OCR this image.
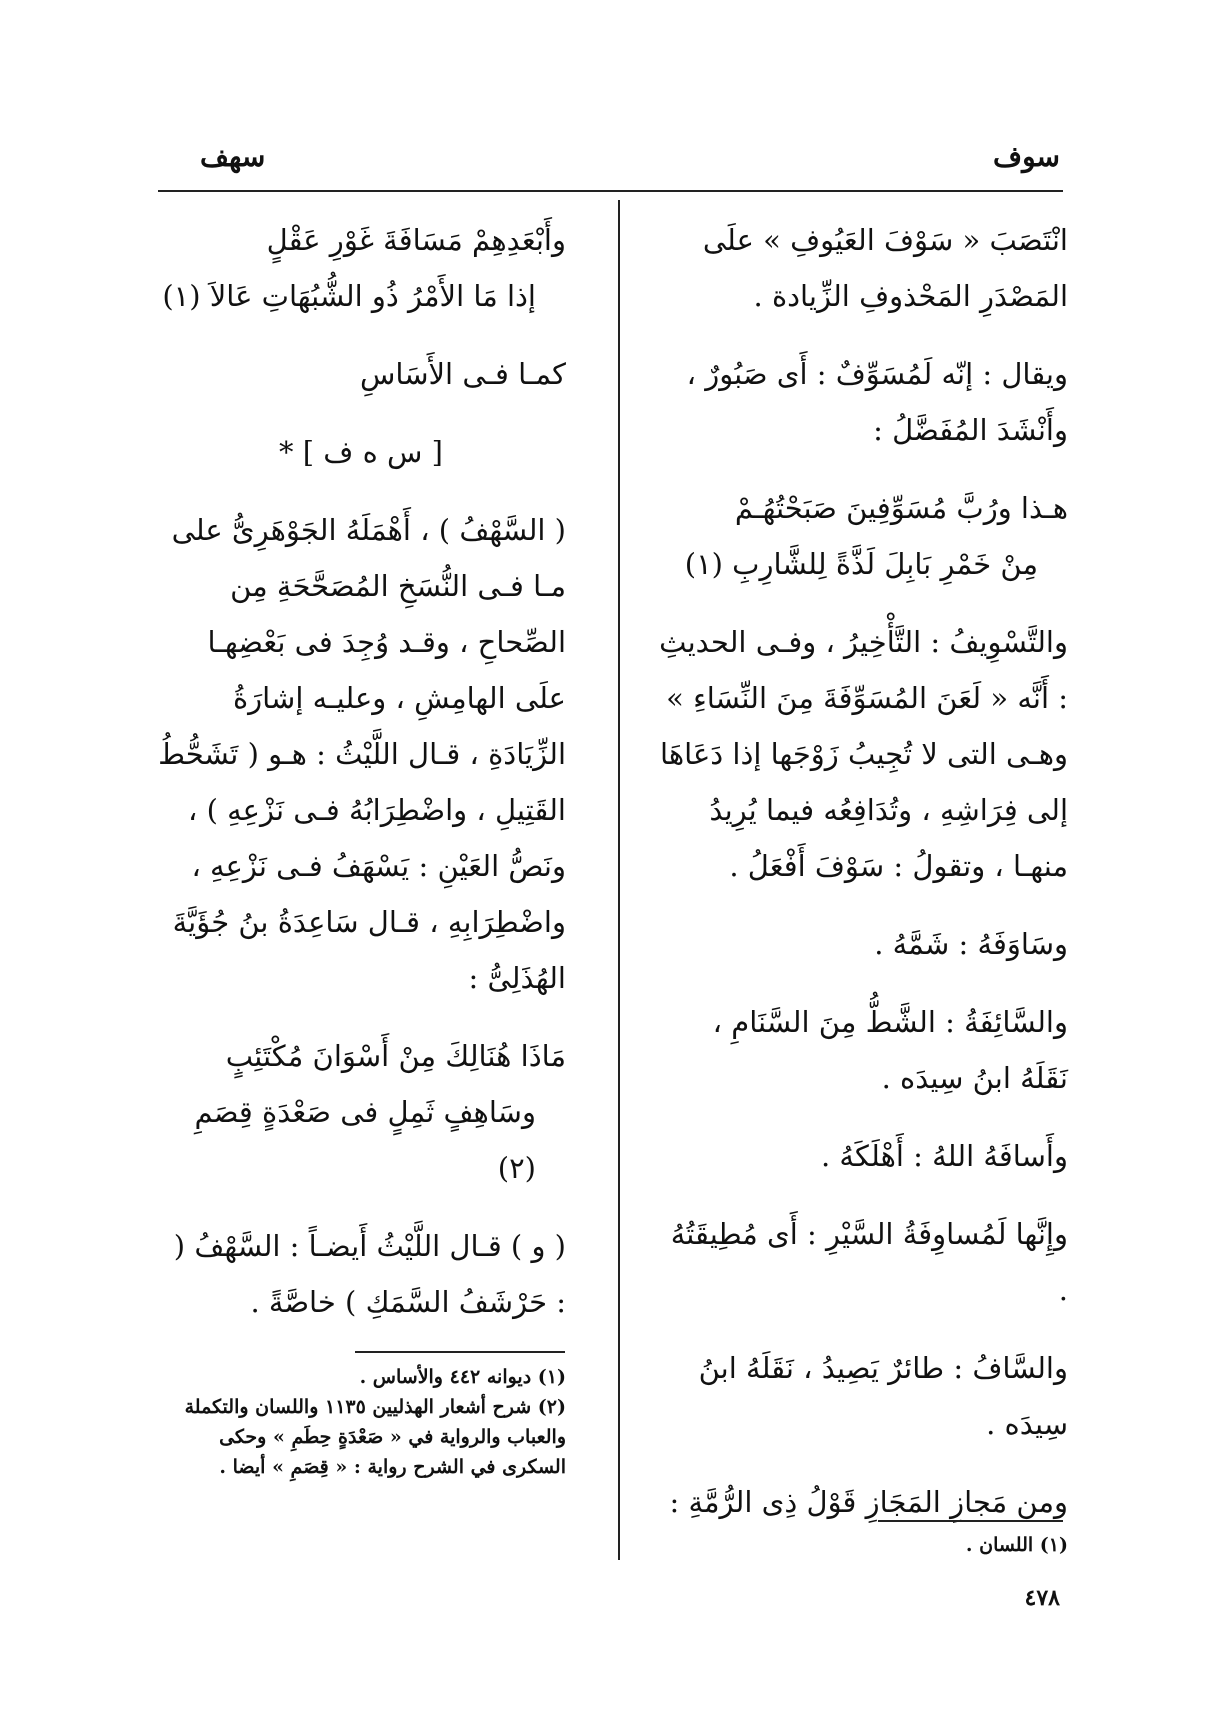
سوف
سهف

انْتَصَبَ « سَوْفَ العَيُوفِ » علَى المَصْدَرِ المَحْذوفِ الزِّيادة .

ويقال : إنّه لَمُسَوِّفٌ : أَى صَبُورٌ ، وأَنْشَدَ المُفَضَّلُ :

هـذا ورُبَّ مُسَوِّفِينَ صَبَحْتُهُـمْ
مِنْ خَمْرِ بَابِلَ لَذَّةً لِلشَّارِبِ (١)

والتَّسْوِيفُ : التَّأْخِيرُ ، وفـى الحديثِ : أَنَّه « لَعَنَ المُسَوِّفَةَ مِنَ النِّسَاءِ » وهـى التى لا تُجِيبُ زَوْجَها إذا دَعَاهَا إلى فِرَاشِهِ ، وتُدَافِعُه فيما يُرِيدُ منهـا ، وتقولُ : سَوْفَ أَفْعَلُ .

وسَاوَفَهُ : شَمَّهُ .

والسَّائِفَةُ : الشَّطُّ مِنَ السَّنَامِ ، نَقَلَهُ ابنُ سِيدَه .

وأَسافَهُ اللهُ : أَهْلَكَهُ .

وإِنَّها لَمُساوِفَةُ السَّيْرِ : أَى مُطِيقَتُهُ .

والسَّافُ : طائرٌ يَصِيدُ ، نَقَلَهُ ابنُ سِيدَه .

ومن مَجازِ المَجَازِ قَوْلُ ذِى الرُّمَّةِ :

وأَبْعَدِهِمْ مَسَافَةَ غَوْرِ عَقْلٍ
إذا مَا الأَمْرُ ذُو الشُّبُهَاتِ عَالاَ (١)

كمـا فـى الأَسَاسِ

[ س ه ف ] *

( السَّهْفُ ) ، أَهْمَلَهُ الجَوْهَرِىُّ على مـا فـى النُّسَخِ المُصَحَّحَةِ مِن الصِّحاحِ ، وقـد وُجِدَ فى بَعْضِهـا علَى الهامِشِ ، وعليـه إشارَةُ الزِّيَادَةِ ، قـال اللَّيْثُ : هـو ( تَشَحُّطُ القَتِيلِ ، واضْطِرَابُهُ فـى نَزْعِهِ ) ، ونَصُّ العَيْنِ : يَسْهَفُ فـى نَزْعِهِ ، واضْطِرَابِهِ ، قـال سَاعِدَةُ بنُ جُؤَيَّةَ الهُذَلِىُّ :

مَاذَا هُنَالِكَ مِنْ أَسْوَانَ مُكْتَئِبٍ
وسَاهِفٍ ثَمِلٍ فى صَعْدَةٍ قِصَمِ (٢)

( و ) قـال اللَّيْثُ أَيضـاً : السَّهْفُ ( : حَرْشَفُ السَّمَكِ ) خاصَّةً .

(١) اللسان .
(١) ديوانه ٤٤٢ والأساس .
(٢) شرح أشعار الهذليين ١١٣٥ واللسان والتكملة والعباب والرواية في « صَعْدَةٍ حِطَمِ » وحكى السكرى في الشرح رواية : « قِصَمِ » أيضا .
٤٧٨
